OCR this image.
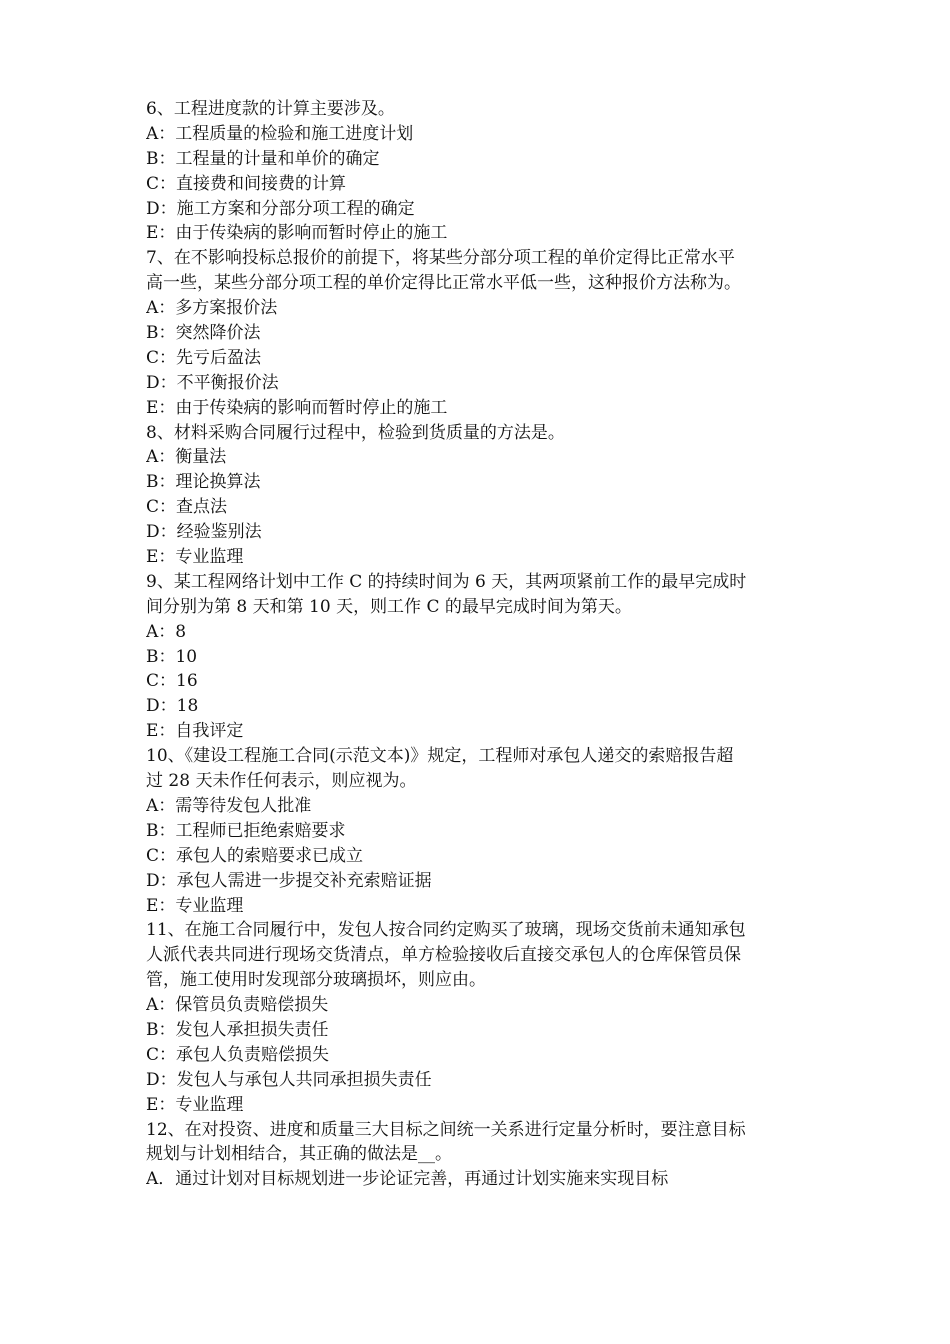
6、工程进度款的计算主要涉及。
A：工程质量的检验和施工进度计划
B：工程量的计量和单价的确定
C：直接费和间接费的计算
D：施工方案和分部分项工程的确定
E：由于传染病的影响而暂时停止的施工
7、在不影响投标总报价的前提下，将某些分部分项工程的单价定得比正常水平
高一些，某些分部分项工程的单价定得比正常水平低一些，这种报价方法称为。
A：多方案报价法
B：突然降价法
C：先亏后盈法
D：不平衡报价法
E：由于传染病的影响而暂时停止的施工
8、材料采购合同履行过程中，检验到货质量的方法是。
A：衡量法
B：理论换算法
C：查点法
D：经验鉴别法
E：专业监理
9、某工程网络计划中工作 C 的持续时间为 6 天，其两项紧前工作的最早完成时
间分别为第 8 天和第 10 天，则工作 C 的最早完成时间为第天。
A：8
B：10
C：16
D：18
E：自我评定
10、《建设工程施工合同(示范文本)》规定，工程师对承包人递交的索赔报告超
过 28 天未作任何表示，则应视为。
A：需等待发包人批准
B：工程师已拒绝索赔要求
C：承包人的索赔要求已成立
D：承包人需进一步提交补充索赔证据
E：专业监理
11、在施工合同履行中，发包人按合同约定购买了玻璃，现场交货前未通知承包
人派代表共同进行现场交货清点，单方检验接收后直接交承包人的仓库保管员保
管，施工使用时发现部分玻璃损坏，则应由。
A：保管员负责赔偿损失
B：发包人承担损失责任
C：承包人负责赔偿损失
D：发包人与承包人共同承担损失责任
E：专业监理
12、在对投资、进度和质量三大目标之间统一关系进行定量分析时，要注意目标
规划与计划相结合，其正确的做法是__。
A．通过计划对目标规划进一步论证完善，再通过计划实施来实现目标
